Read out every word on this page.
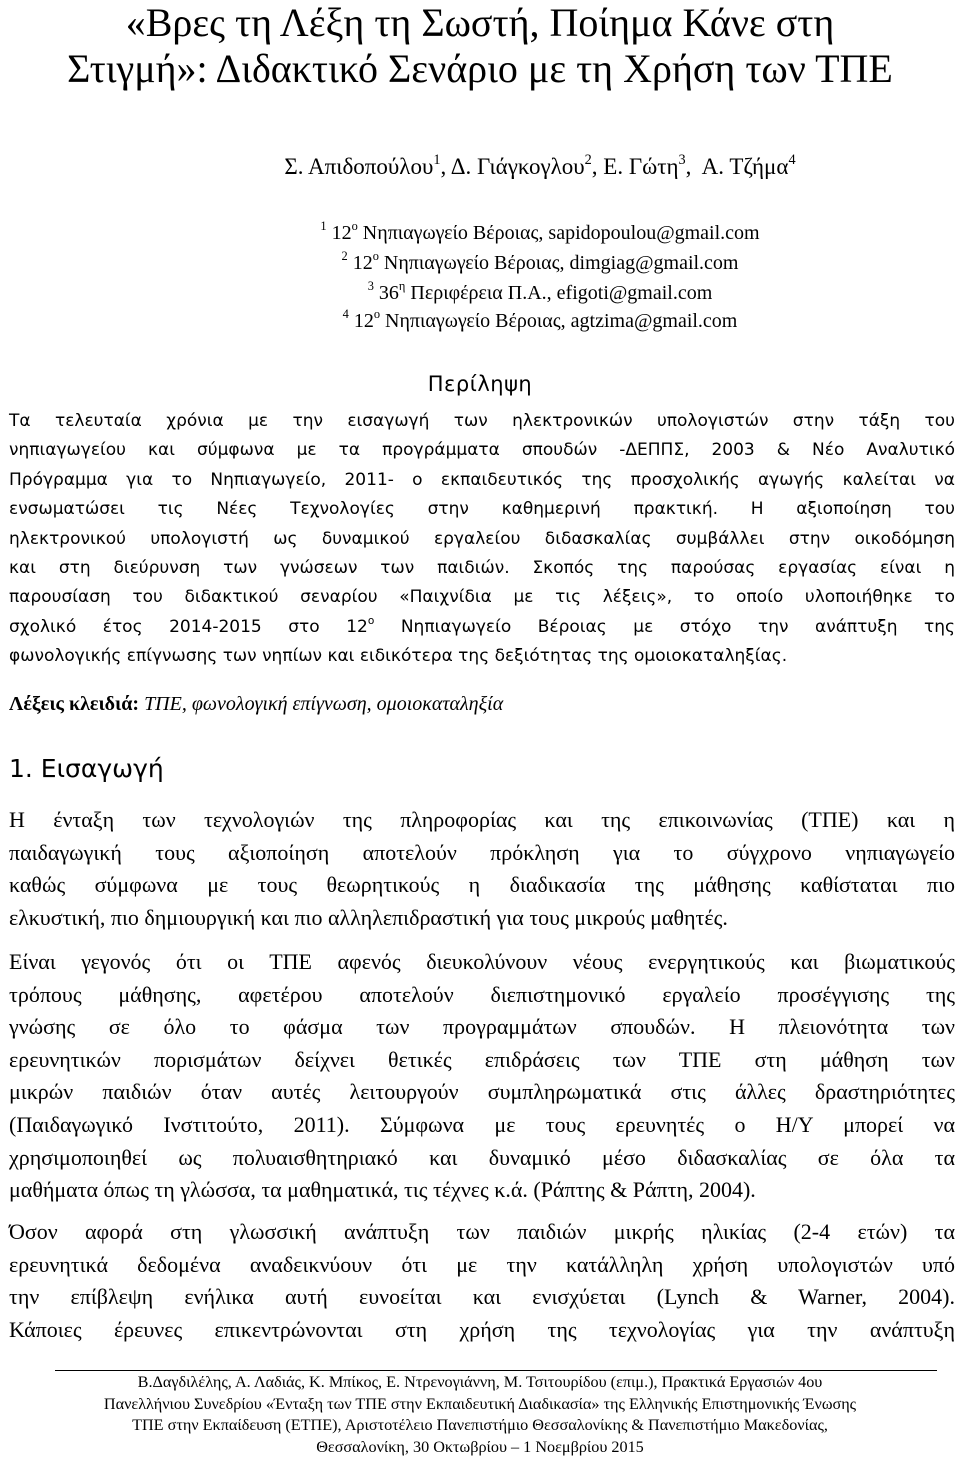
«Βρες τη Λέξη τη Σωστή, Ποίημα Κάνε στη
Στιγμή»: Διδακτικό Σενάριο με τη Χρήση των ΤΠΕ
Σ. Απιδοπούλου$^1$, Δ. Γιάγκογλου$^2$, Ε. Γώτη$^3$,  Α. Τζήμα$^4$
$^1$ $12^o$ Νηπιαγωγείο Βέροιας, sapidopoulou@gmail.com
$^2$ $12^o$ Νηπιαγωγείο Βέροιας, dimgiag@gmail.com
$^3$ $36^\eta$ Περιφέρεια Π.Α., efigoti@gmail.com
$^4$ $12^o$ Νηπιαγωγείο Βέροιας, agtzima@gmail.com
Περίληψη
Τα τελευταία χρόνια με την εισαγωγή των ηλεκτρονικών υπολογιστών στην τάξη του
νηπιαγωγείου και σύμφωνα με τα προγράμματα σπουδών -ΔΕΠΠΣ, 2003 & Νέο Αναλυτικό
Πρόγραμμα για το Νηπιαγωγείο, 2011- ο εκπαιδευτικός της προσχολικής αγωγής καλείται να
ενσωματώσει τις Νέες Τεχνολογίες στην καθημερινή πρακτική. Η αξιοποίηση του
ηλεκτρονικού υπολογιστή ως δυναμικού εργαλείου διδασκαλίας συμβάλλει στην οικοδόμηση
και στη διεύρυνση των γνώσεων των παιδιών. Σκοπός της παρούσας εργασίας είναι η
παρουσίαση του διδακτικού σεναρίου «Παιχνίδια με τις λέξεις», το οποίο υλοποιήθηκε το
σχολικό έτος 2014-2015 στο $12^o$ Νηπιαγωγείο Βέροιας με στόχο την ανάπτυξη της
φωνολογικής επίγνωσης των νηπίων και ειδικότερα της δεξιότητας της ομοιοκαταληξίας.
Λέξεις κλειδιά: ΤΠΕ, φωνολογική επίγνωση, ομοιοκαταληξία
1. Εισαγωγή
Η ένταξη των τεχνολογιών της πληροφορίας και της επικοινωνίας (ΤΠΕ) και η
παιδαγωγική τους αξιοποίηση αποτελούν πρόκληση για το σύγχρονο νηπιαγωγείο
καθώς σύμφωνα με τους θεωρητικούς η διαδικασία της μάθησης καθίσταται πιο
ελκυστική, πιο δημιουργική και πιο αλληλεπιδραστική για τους μικρούς μαθητές.
Είναι γεγονός ότι οι ΤΠΕ αφενός διευκολύνουν νέους ενεργητικούς και βιωματικούς
τρόπους μάθησης, αφετέρου αποτελούν διεπιστημονικό εργαλείο προσέγγισης της
γνώσης σε όλο το φάσμα των προγραμμάτων σπουδών. Η πλειονότητα των
ερευνητικών πορισμάτων δείχνει θετικές επιδράσεις των ΤΠΕ στη μάθηση των
μικρών παιδιών όταν αυτές λειτουργούν συμπληρωματικά στις άλλες δραστηριότητες
(Παιδαγωγικό Ινστιτούτο, 2011). Σύμφωνα με τους ερευνητές ο Η/Υ μπορεί να
χρησιμοποιηθεί ως πολυαισθητηριακό και δυναμικό μέσο διδασκαλίας σε όλα τα
μαθήματα όπως τη γλώσσα, τα μαθηματικά, τις τέχνες κ.ά. (Ράπτης & Ράπτη, 2004).
Όσον αφορά στη γλωσσική ανάπτυξη των παιδιών μικρής ηλικίας (2-4 ετών) τα
ερευνητικά δεδομένα αναδεικνύουν ότι με την κατάλληλη χρήση υπολογιστών υπό
την επίβλεψη ενήλικα αυτή ευνοείται και ενισχύεται (Lynch & Warner, 2004).
Κάποιες έρευνες επικεντρώνονται στη χρήση της τεχνολογίας για την ανάπτυξη
Β.Δαγδιλέλης, Α. Λαδιάς, Κ. Μπίκος, Ε. Ντρενογιάννη, Μ. Τσιτουρίδου (επιμ.), Πρακτικά Εργασιών 4ου
Πανελλήνιου Συνεδρίου «Ένταξη των ΤΠΕ στην Εκπαιδευτική Διαδικασία» της Ελληνικής Επιστημονικής Ένωσης
ΤΠΕ στην Εκπαίδευση (ΕΤΠΕ), Αριστοτέλειο Πανεπιστήμιο Θεσσαλονίκης & Πανεπιστήμιο Μακεδονίας,
Θεσσαλονίκη, 30 Οκτωβρίου – 1 Νοεμβρίου 2015
